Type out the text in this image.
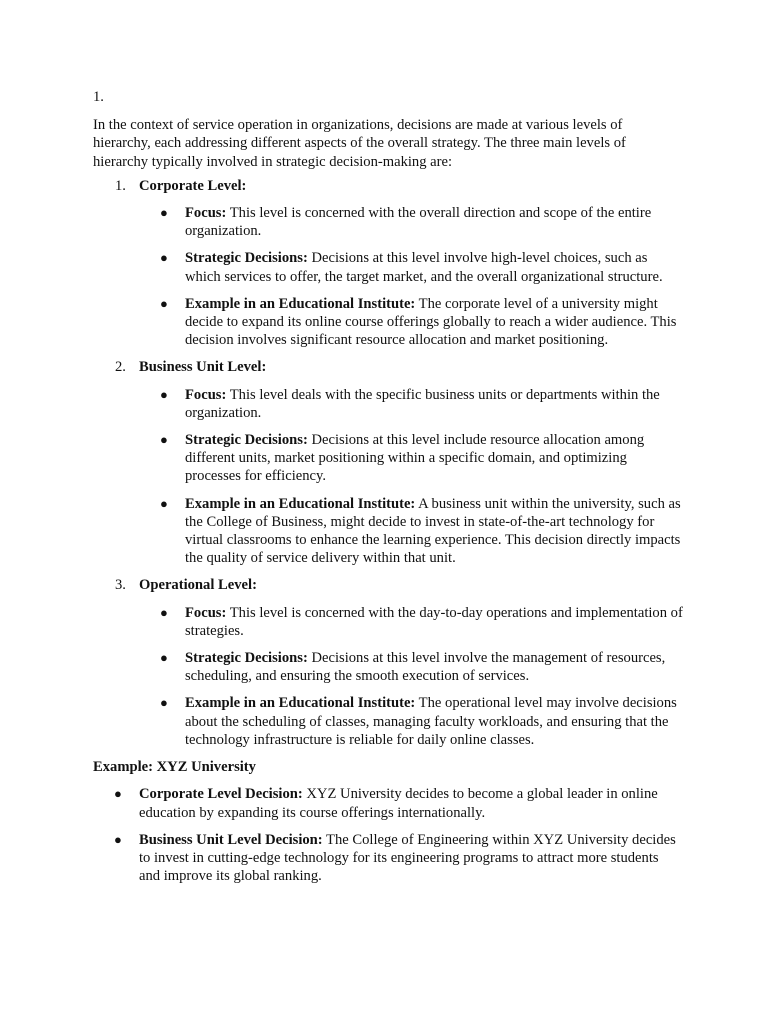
1.

In the context of service operation in organizations, decisions are made at various levels of hierarchy, each addressing different aspects of the overall strategy. The three main levels of hierarchy typically involved in strategic decision-making are:

1. Corporate Level:
● Focus: This level is concerned with the overall direction and scope of the entire organization.
● Strategic Decisions: Decisions at this level involve high-level choices, such as which services to offer, the target market, and the overall organizational structure.
● Example in an Educational Institute: The corporate level of a university might decide to expand its online course offerings globally to reach a wider audience. This decision involves significant resource allocation and market positioning.
2. Business Unit Level:
● Focus: This level deals with the specific business units or departments within the organization.
● Strategic Decisions: Decisions at this level include resource allocation among different units, market positioning within a specific domain, and optimizing processes for efficiency.
● Example in an Educational Institute: A business unit within the university, such as the College of Business, might decide to invest in state-of-the-art technology for virtual classrooms to enhance the learning experience. This decision directly impacts the quality of service delivery within that unit.
3. Operational Level:
● Focus: This level is concerned with the day-to-day operations and implementation of strategies.
● Strategic Decisions: Decisions at this level involve the management of resources, scheduling, and ensuring the smooth execution of services.
● Example in an Educational Institute: The operational level may involve decisions about the scheduling of classes, managing faculty workloads, and ensuring that the technology infrastructure is reliable for daily online classes.

Example: XYZ University

● Corporate Level Decision: XYZ University decides to become a global leader in online education by expanding its course offerings internationally.
● Business Unit Level Decision: The College of Engineering within XYZ University decides to invest in cutting-edge technology for its engineering programs to attract more students and improve its global ranking.
